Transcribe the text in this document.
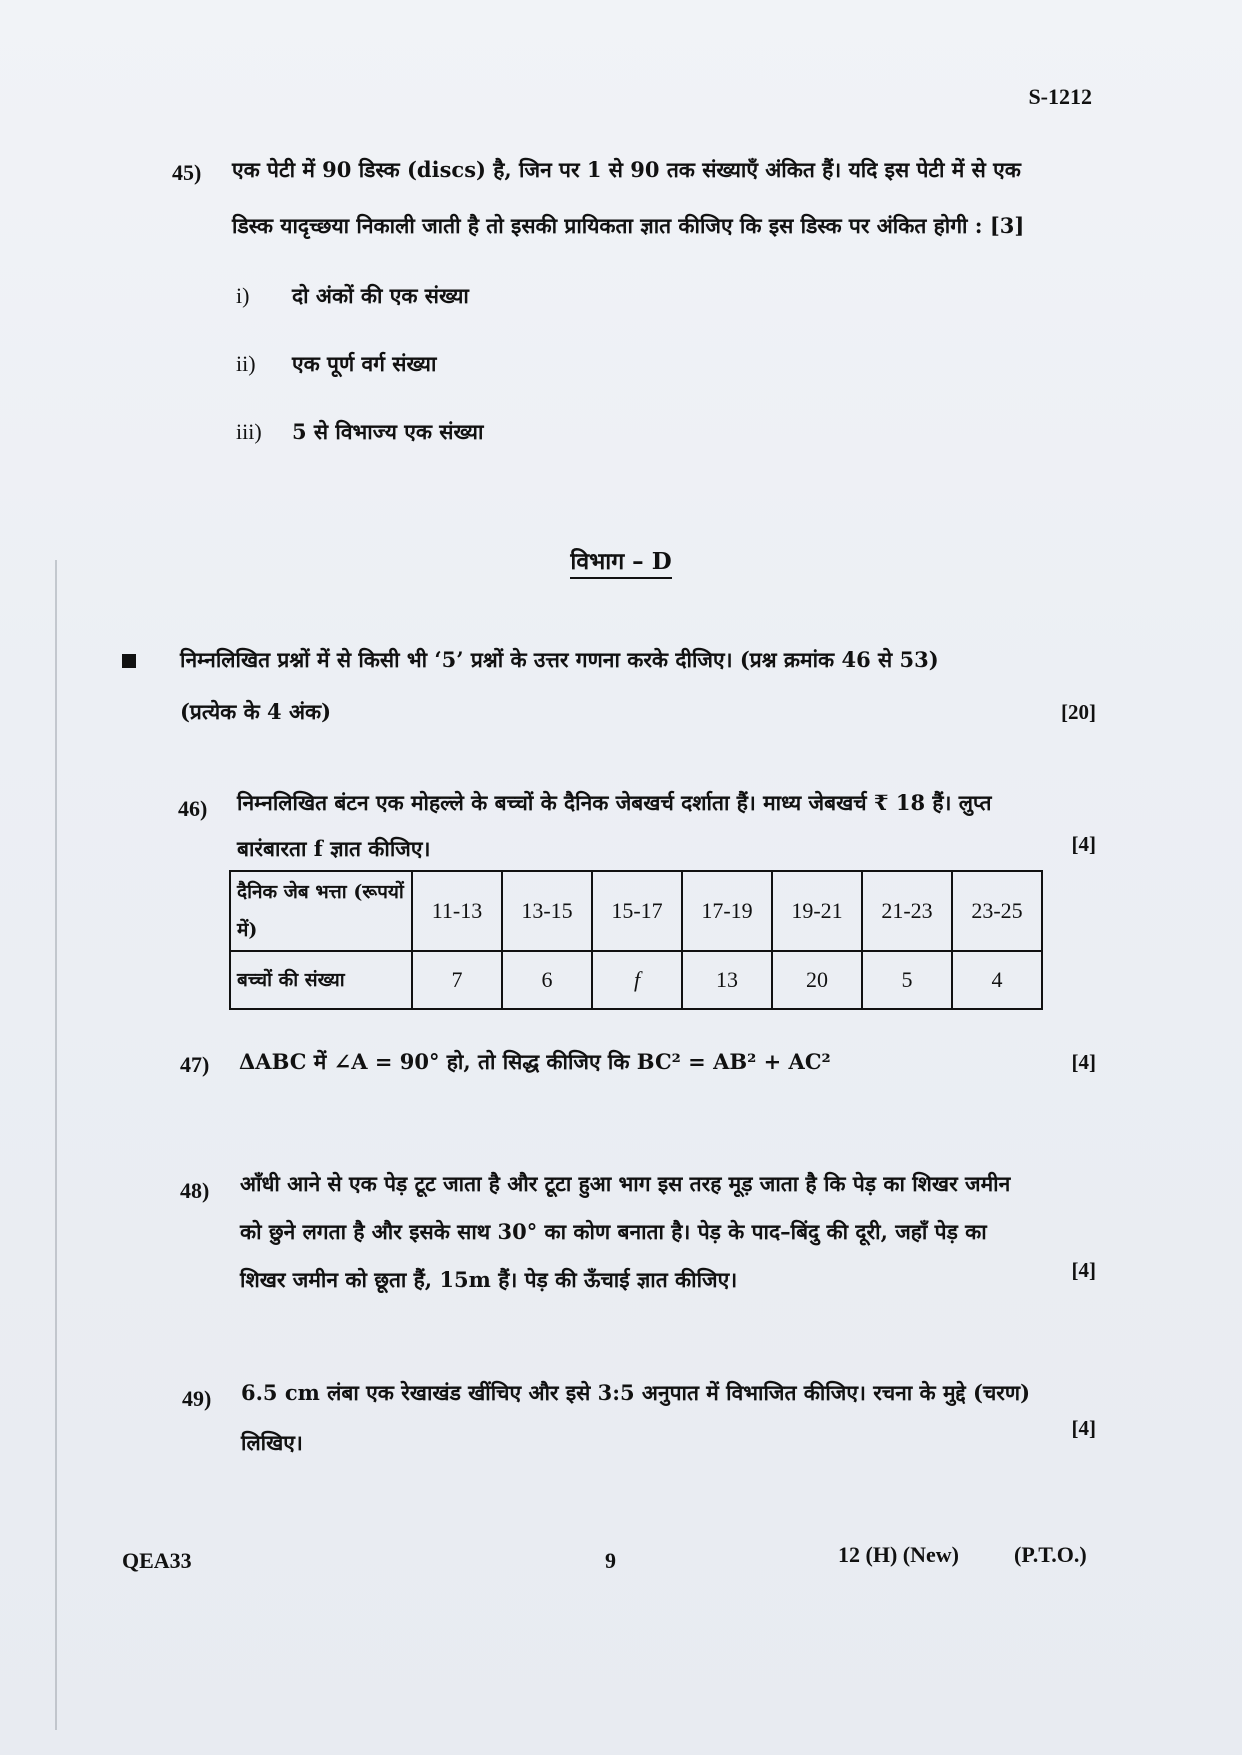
S-1212
45) एक पेटी में 90 डिस्क (discs) है, जिन पर 1 से 90 तक संख्याएँ अंकित हैं। यदि इस पेटी में से एक
डिस्क यादृच्छया निकाली जाती है तो इसकी प्रायिकता ज्ञात कीजिए कि इस डिस्क पर अंकित होगी : [3]
i) दो अंकों की एक संख्या
ii) एक पूर्ण वर्ग संख्या
iii) 5 से विभाज्य एक संख्या
विभाग – D
निम्नलिखित प्रश्नों में से किसी भी ‘5’ प्रश्नों के उत्तर गणना करके दीजिए। (प्रश्न क्रमांक 46 से 53)
(प्रत्येक के 4 अंक)	[20]
46) निम्नलिखित बंटन एक मोहल्ले के बच्चों के दैनिक जेबखर्च दर्शाता हैं। माध्य जेबखर्च ₹ 18 हैं। लुप्त
बारंबारता f ज्ञात कीजिए।	[4]
दैनिक जेब भत्ता (रूपयों में)	11-13	13-15	15-17	17-19	19-21	21-23	23-25
बच्चों की संख्या	7	6	f	13	20	5	4
47) ΔABC में ∠A = 90° हो, तो सिद्ध कीजिए कि BC² = AB² + AC²	[4]
48) आँधी आने से एक पेड़ टूट जाता है और टूटा हुआ भाग इस तरह मूड़ जाता है कि पेड़ का शिखर जमीन
को छुने लगता है और इसके साथ 30° का कोण बनाता है। पेड़ के पाद–बिंदु की दूरी, जहाँ पेड़ का
शिखर जमीन को छूता हैं, 15m हैं। पेड़ की ऊँचाई ज्ञात कीजिए।	[4]
49) 6.5 cm लंबा एक रेखाखंड खींचिए और इसे 3:5 अनुपात में विभाजित कीजिए। रचना के मुद्दे (चरण)
लिखिए।
[4]
QEA33	9	12 (H) (New)	(P.T.O.)
